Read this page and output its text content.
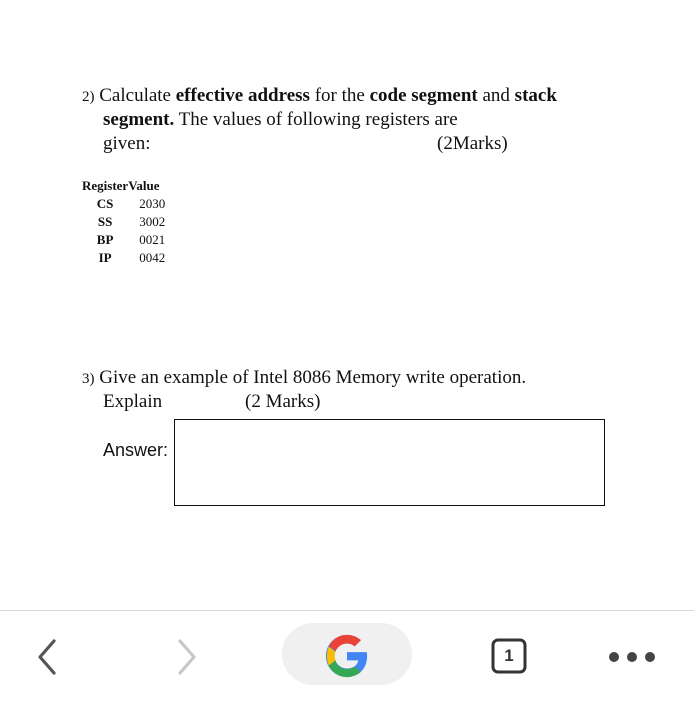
2) Calculate effective address for the code segment and stack
segment. The values of following registers are
given:	(2Marks)
Register	Value
CS	2030
SS	3002
BP	0021
IP	0042
3) Give an example of Intel 8086 Memory write operation.
Explain	(2 Marks)
Answer:
1
